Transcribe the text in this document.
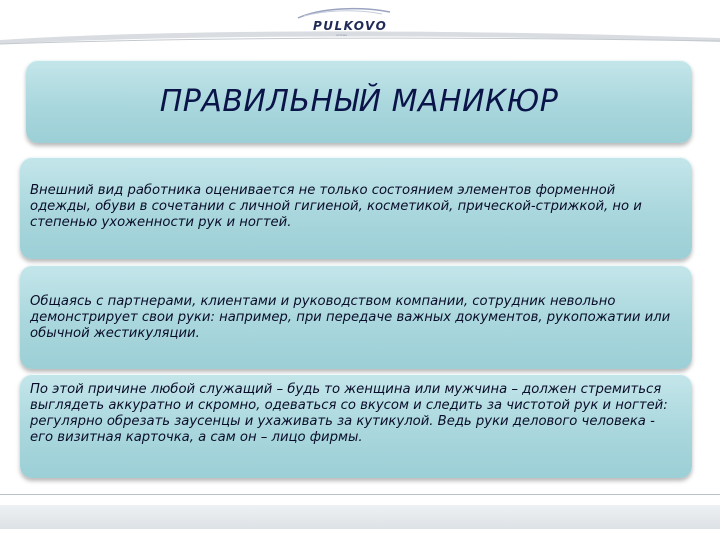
PULKOVO
airlines
ПРАВИЛЬНЫЙ МАНИКЮР

Внешний вид работника оценивается не только состоянием элементов форменной одежды, обуви в сочетании с личной гигиеной, косметикой, прической-стрижкой, но и степенью ухоженности рук и ногтей.

Общаясь с партнерами, клиентами и руководством компании, сотрудник невольно демонстрирует свои руки: например, при передаче важных документов, рукопожатии или обычной жестикуляции.

По этой причине любой служащий – будь то женщина или мужчина – должен стремиться выглядеть аккуратно и скромно, одеваться со вкусом и следить за чистотой рук и ногтей: регулярно обрезать заусенцы и ухаживать за кутикулой. Ведь руки делового человека - его визитная карточка, а сам он – лицо фирмы.
